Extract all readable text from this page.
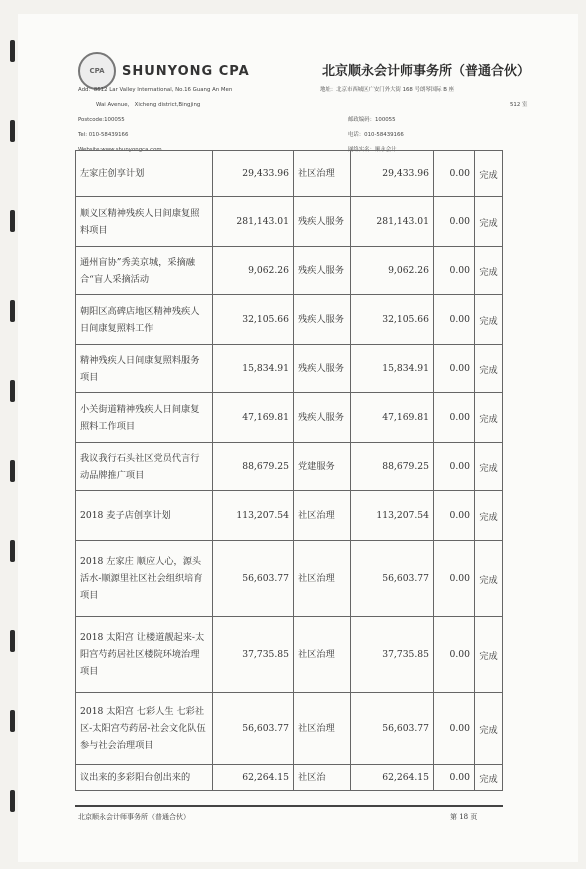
CPA	SHUNYONG CPA	北京顺永会计师事务所（普通合伙）
Add：8512 Lar Valley International, No.16 Guang An Men
Wai Avenue， Xicheng district,Bingjing
Postcode:100055
Tel: 010-58439166
Website:www.shunyongca.com
地址：北京市西城区广安门外大街 168 号朗琴国际 B 座
512 室
邮政编码：100055
电话：010-58439166
网络实名：顺永会计
左家庄创享计划	29,433.96	社区治理	29,433.96	0.00	完成
顺义区精神残疾人日间康复照料项目	281,143.01	残疾人服务	281,143.01	0.00	完成
通州盲协”秀美京城，采摘融合“盲人采摘活动	9,062.26	残疾人服务	9,062.26	0.00	完成
朝阳区高碑店地区精神残疾人日间康复照料工作	32,105.66	残疾人服务	32,105.66	0.00	完成
精神残疾人日间康复照料服务项目	15,834.91	残疾人服务	15,834.91	0.00	完成
小关街道精神残疾人日间康复照料工作项目	47,169.81	残疾人服务	47,169.81	0.00	完成
我议我行石头社区党员代言行动品牌推广项目	88,679.25	党建服务	88,679.25	0.00	完成
2018 麦子店创享计划	113,207.54	社区治理	113,207.54	0.00	完成
2018 左家庄 顺应人心，源头活水-顺源里社区社会组织培育项目	56,603.77	社区治理	56,603.77	0.00	完成
2018 太阳宫 让楼道靓起来-太阳宫芍药居社区楼院环境治理项目	37,735.85	社区治理	37,735.85	0.00	完成
2018 太阳宫 七彩人生 七彩社区-太阳宫芍药居-社会文化队伍参与社会治理项目	56,603.77	社区治理	56,603.77	0.00	完成
议出来的多彩阳台创出来的	62,264.15	社区治	62,264.15	0.00	完成
北京顺永会计师事务所（普通合伙）	第 18 页
